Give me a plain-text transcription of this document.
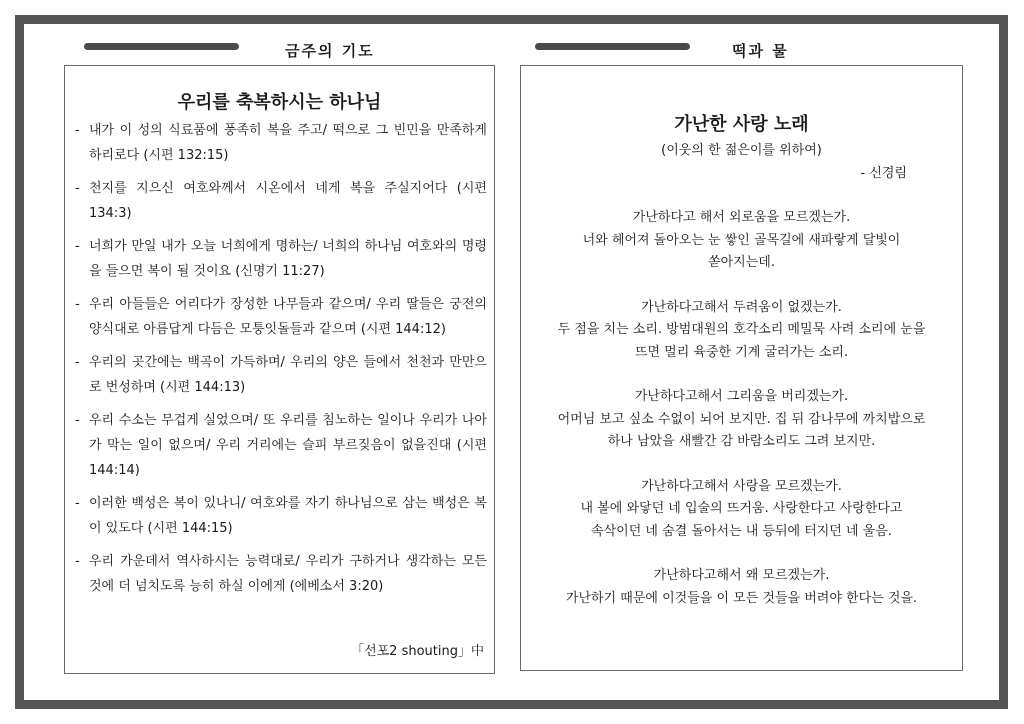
금주의 기도	떡과 물
우리를 축복하시는 하나님
- 내가 이 성의 식료품에 풍족히 복을 주고/ 떡으로 그 빈민을 만족하게 하리로다 (시편 132:15)
- 천지를 지으신 여호와께서 시온에서 네게 복을 주실지어다 (시편 134:3)
- 너희가 만일 내가 오늘 너희에게 명하는/ 너희의 하나님 여호와의 명령을 들으면 복이 될 것이요 (신명기 11:27)
- 우리 아들들은 어리다가 장성한 나무들과 같으며/ 우리 딸들은 궁전의 양식대로 아름답게 다듬은 모퉁잇돌들과 같으며 (시편 144:12)
- 우리의 곳간에는 백곡이 가득하며/ 우리의 양은 들에서 천천과 만만으로 번성하며 (시편 144:13)
- 우리 수소는 무겁게 실었으며/ 또 우리를 침노하는 일이나 우리가 나아가 막는 일이 없으며/ 우리 거리에는 슬피 부르짖음이 없을진대 (시편 144:14)
- 이러한 백성은 복이 있나니/ 여호와를 자기 하나님으로 삼는 백성은 복이 있도다 (시편 144:15)
- 우리 가운데서 역사하시는 능력대로/ 우리가 구하거나 생각하는 모든 것에 더 넘치도록 능히 하실 이에게 (에베소서 3:20)
「선포2 shouting」中
가난한 사랑 노래
(이웃의 한 젊은이를 위하여)
- 신경림
가난하다고 해서 외로움을 모르겠는가.
너와 헤어져 돌아오는 눈 쌓인 골목길에 새파랗게 달빛이
쏟아지는데.
가난하다고해서 두려움이 없겠는가.
두 점을 치는 소리. 방범대원의 호각소리 메밀묵 사려 소리에 눈을
뜨면 멀리 육중한 기계 굴러가는 소리.
가난하다고해서 그리움을 버리겠는가.
어머님 보고 싶소 수없이 뇌어 보지만. 집 뒤 감나무에 까치밥으로
하나 남았을 새빨간 감 바람소리도 그려 보지만.
가난하다고해서 사랑을 모르겠는가.
내 볼에 와닿던 네 입술의 뜨거움. 사랑한다고 사랑한다고
속삭이던 네 숨결 돌아서는 내 등뒤에 터지던 네 울음.
가난하다고해서 왜 모르겠는가.
가난하기 때문에 이것들을 이 모든 것들을 버려야 한다는 것을.
